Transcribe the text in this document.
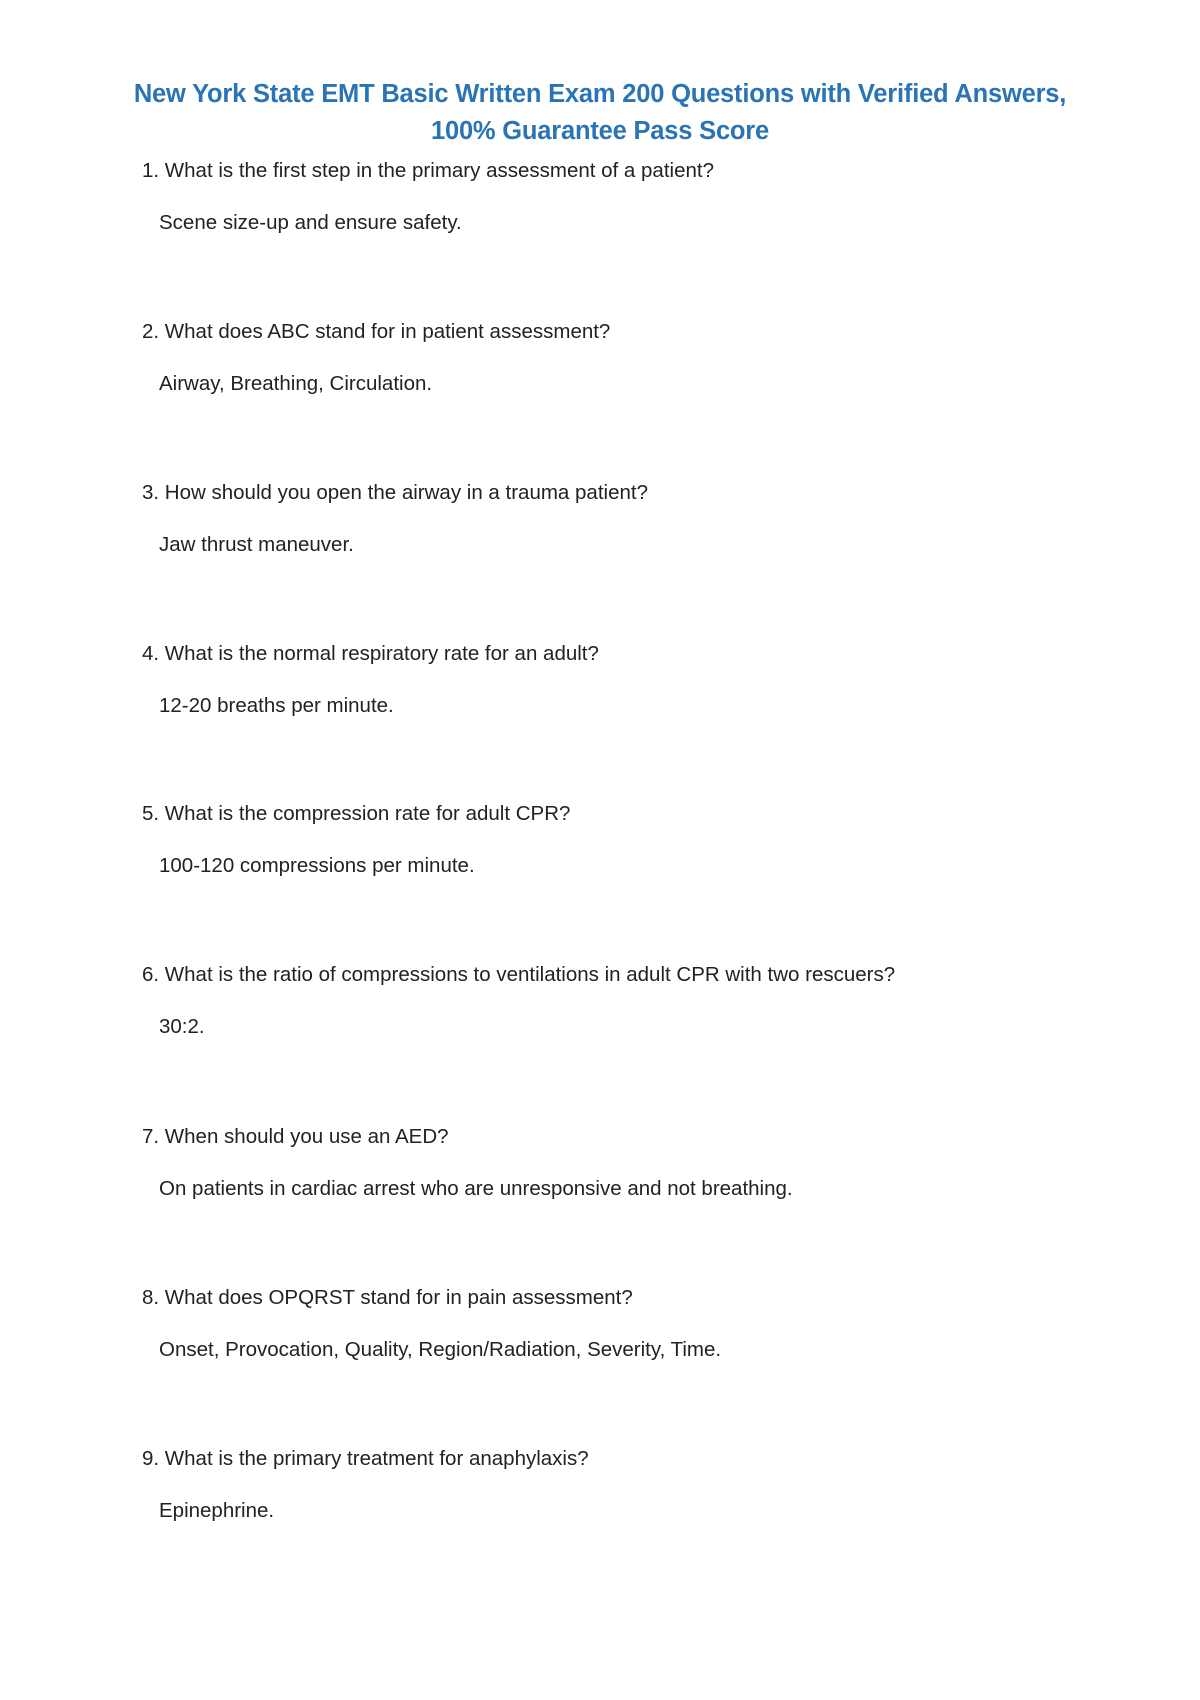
New York State EMT Basic Written Exam 200 Questions with Verified Answers,
100% Guarantee Pass Score

1. What is the first step in the primary assessment of a patient?

Scene size-up and ensure safety.

2. What does ABC stand for in patient assessment?

Airway, Breathing, Circulation.

3. How should you open the airway in a trauma patient?

Jaw thrust maneuver.

4. What is the normal respiratory rate for an adult?

12-20 breaths per minute.

5. What is the compression rate for adult CPR?

100-120 compressions per minute.

6. What is the ratio of compressions to ventilations in adult CPR with two rescuers?

30:2.

7. When should you use an AED?

On patients in cardiac arrest who are unresponsive and not breathing.

8. What does OPQRST stand for in pain assessment?

Onset, Provocation, Quality, Region/Radiation, Severity, Time.

9. What is the primary treatment for anaphylaxis?

Epinephrine.
